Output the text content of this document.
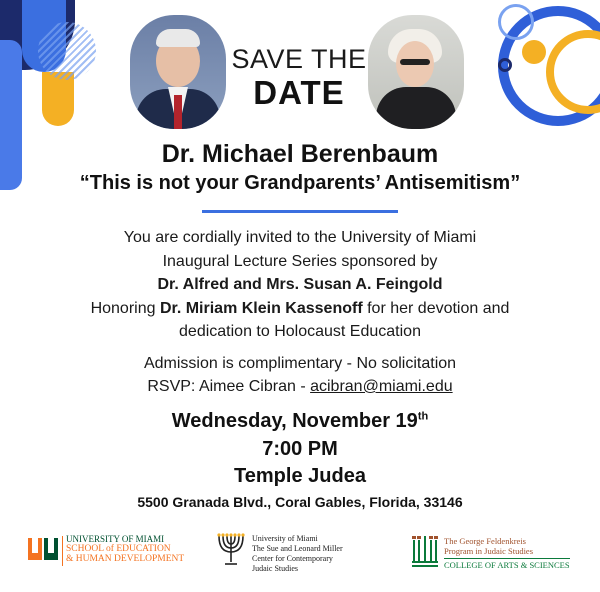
SAVE THE
DATE
Dr. Michael Berenbaum
“This is not your Grandparents’ Antisemitism”
You are cordially invited to the University of Miami
Inaugural Lecture Series sponsored by
Dr. Alfred and Mrs. Susan A. Feingold
Honoring Dr. Miriam Klein Kassenoff for her devotion and
dedication to Holocaust Education
Admission is complimentary - No solicitation
RSVP: Aimee Cibran - acibran@miami.edu
Wednesday, November 19th
7:00 PM
Temple Judea
5500 Granada Blvd., Coral Gables, Florida, 33146
UNIVERSITY OF MIAMI
SCHOOL of EDUCATION
& HUMAN DEVELOPMENT
University of Miami
The Sue and Leonard Miller
Center for Contemporary
Judaic Studies
The George Feldenkreis
Program in Judaic Studies
COLLEGE OF ARTS & SCIENCES
